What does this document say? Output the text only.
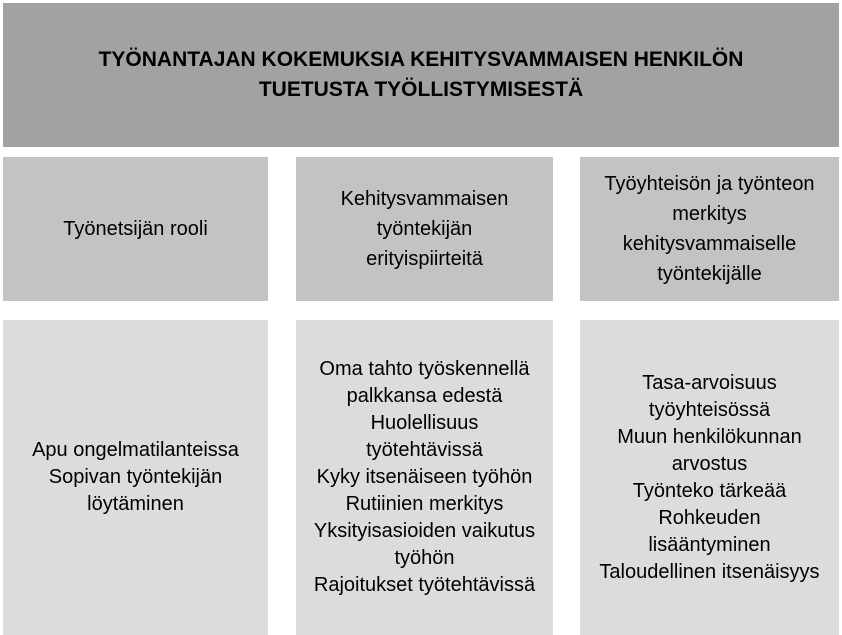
TYÖNANTAJAN KOKEMUKSIA KEHITYSVAMMAISEN HENKILÖN TUETUSTA TYÖLLISTYMISESTÄ
Työnetsijän rooli
Kehitysvammaisen
työntekijän
erityispiirteitä
Työyhteisön ja työnteon
merkitys
kehitysvammaiselle
työntekijälle
Apu ongelmatilanteissa
Sopivan työntekijän
löytäminen
Oma tahto työskennellä
palkkansa edestä
Huolellisuus
työtehtävissä
Kyky itsenäiseen työhön
Rutiinien merkitys
Yksityisasioiden vaikutus
työhön
Rajoitukset työtehtävissä
Tasa-arvoisuus
työyhteisössä
Muun henkilökunnan
arvostus
Työnteko tärkeää
Rohkeuden
lisääntyminen
Taloudellinen itsenäisyys
